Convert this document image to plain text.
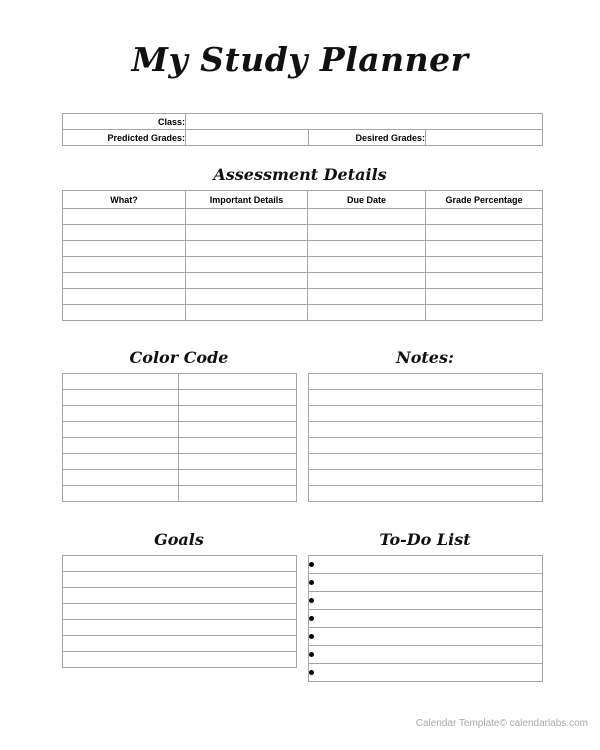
My Study Planner
Class:			
Predicted Grades:		Desired Grades:	
Assessment Details
What?	Important Details	Due Date	Grade Percentage

Color Code

		Notes:

Goals	To-Do List

Calendar Template© calendarlabs.com
